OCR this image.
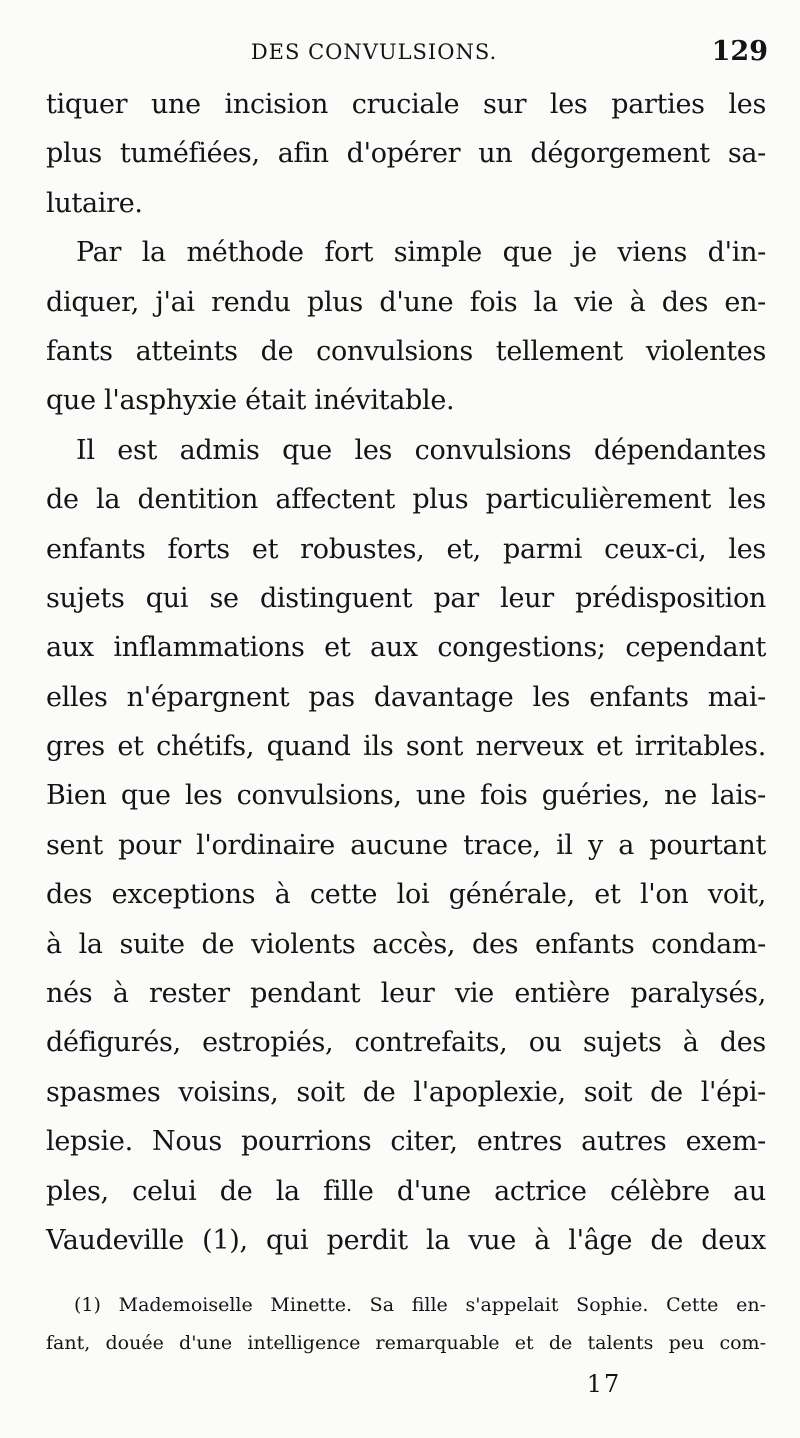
DES CONVULSIONS.	129
tiquer une incision cruciale sur les parties les
plus tuméfiées, afin d'opérer un dégorgement sa-
lutaire.
Par la méthode fort simple que je viens d'in-
diquer, j'ai rendu plus d'une fois la vie à des en-
fants atteints de convulsions tellement violentes
que l'asphyxie était inévitable.
Il est admis que les convulsions dépendantes
de la dentition affectent plus particulièrement les
enfants forts et robustes, et, parmi ceux-ci, les
sujets qui se distinguent par leur prédisposition
aux inflammations et aux congestions; cependant
elles n'épargnent pas davantage les enfants mai-
gres et chétifs, quand ils sont nerveux et irritables.
Bien que les convulsions, une fois guéries, ne lais-
sent pour l'ordinaire aucune trace, il y a pourtant
des exceptions à cette loi générale, et l'on voit,
à la suite de violents accès, des enfants condam-
nés à rester pendant leur vie entière paralysés,
défigurés, estropiés, contrefaits, ou sujets à des
spasmes voisins, soit de l'apoplexie, soit de l'épi-
lepsie. Nous pourrions citer, entres autres exem-
ples, celui de la fille d'une actrice célèbre au
Vaudeville (1), qui perdit la vue à l'âge de deux
(1) Mademoiselle Minette. Sa fille s'appelait Sophie. Cette en-
fant, douée d'une intelligence remarquable et de talents peu com-
17
